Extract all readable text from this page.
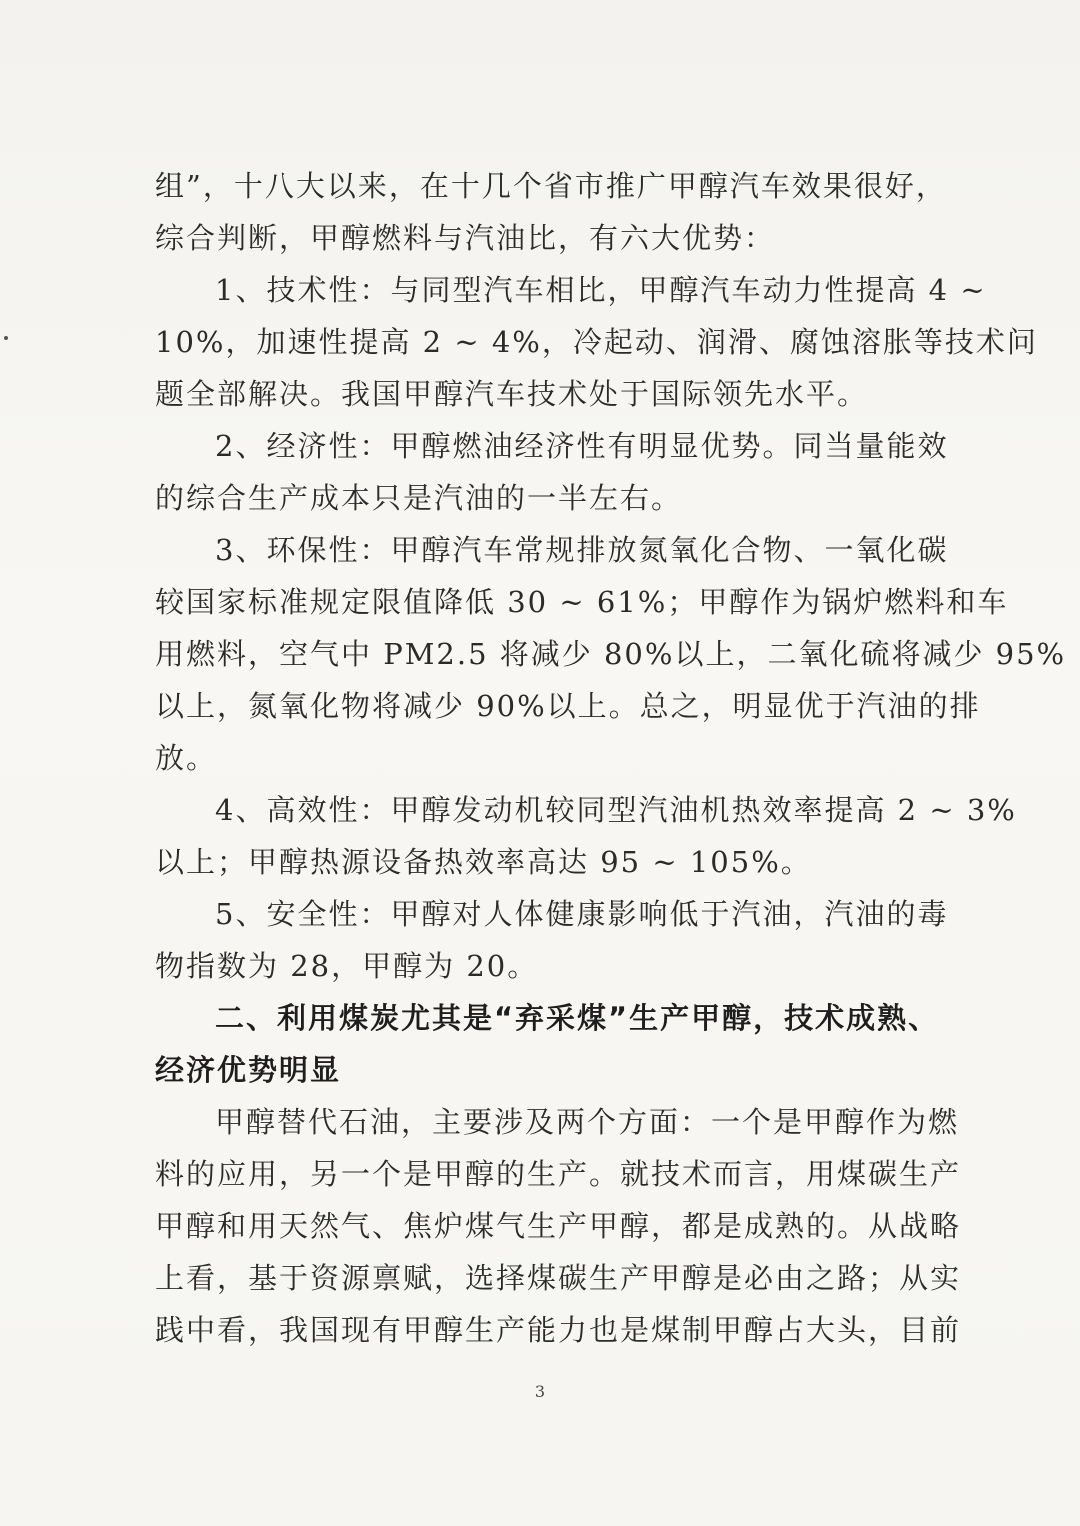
组”，十八大以来，在十几个省市推广甲醇汽车效果很好，
综合判断，甲醇燃料与汽油比，有六大优势：
1、技术性：与同型汽车相比，甲醇汽车动力性提高 4 ~
10%，加速性提高 2 ~ 4%，冷起动、润滑、腐蚀溶胀等技术问
题全部解决。我国甲醇汽车技术处于国际领先水平。
2、经济性：甲醇燃油经济性有明显优势。同当量能效
的综合生产成本只是汽油的一半左右。
3、环保性：甲醇汽车常规排放氮氧化合物、一氧化碳
较国家标准规定限值降低 30 ~ 61%；甲醇作为锅炉燃料和车
用燃料，空气中 PM2.5 将减少 80%以上，二氧化硫将减少 95%
以上，氮氧化物将减少 90%以上。总之，明显优于汽油的排
放。
4、高效性：甲醇发动机较同型汽油机热效率提高 2 ~ 3%
以上；甲醇热源设备热效率高达 95 ~ 105%。
5、安全性：甲醇对人体健康影响低于汽油，汽油的毒
物指数为 28，甲醇为 20。
二、利用煤炭尤其是“弃采煤”生产甲醇，技术成熟、
经济优势明显
甲醇替代石油，主要涉及两个方面：一个是甲醇作为燃
料的应用，另一个是甲醇的生产。就技术而言，用煤碳生产
甲醇和用天然气、焦炉煤气生产甲醇，都是成熟的。从战略
上看，基于资源禀赋，选择煤碳生产甲醇是必由之路；从实
践中看，我国现有甲醇生产能力也是煤制甲醇占大头，目前
3
